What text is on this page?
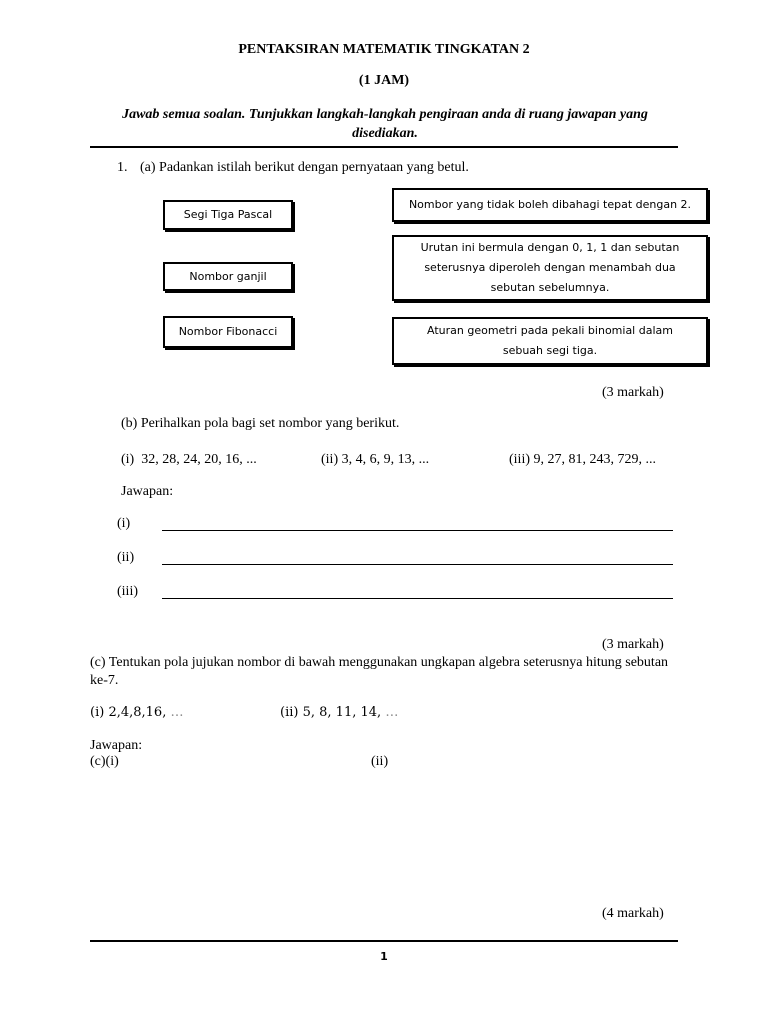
PENTAKSIRAN MATEMATIK TINGKATAN 2
(1 JAM)
Jawab semua soalan. Tunjukkan langkah-langkah pengiraan anda di ruang jawapan yang disediakan.
1. (a) Padankan istilah berikut dengan pernyataan yang betul.
Segi Tiga Pascal
Nombor ganjil
Nombor Fibonacci
Nombor yang tidak boleh dibahagi tepat dengan 2.
Urutan ini bermula dengan 0, 1, 1 dan sebutan seterusnya diperoleh dengan menambah dua sebutan sebelumnya.
Aturan geometri pada pekali binomial dalam sebuah segi tiga.
(3 markah)
(b) Perihalkan pola bagi set nombor yang berikut.
(i)  32, 28, 24, 20, 16, ...	(ii) 3, 4, 6, 9, 13, ...	(iii) 9, 27, 81, 243, 729, ...
Jawapan:
(i)
(ii)
(iii)
(3 markah)
(c) Tentukan pola jujukan nombor di bawah menggunakan ungkapan algebra seterusnya hitung sebutan ke-7.
(i) 2,4,8,16, …	(ii) 5, 8, 11, 14, …
Jawapan:
(c)(i)	(ii)
(4 markah)
1
